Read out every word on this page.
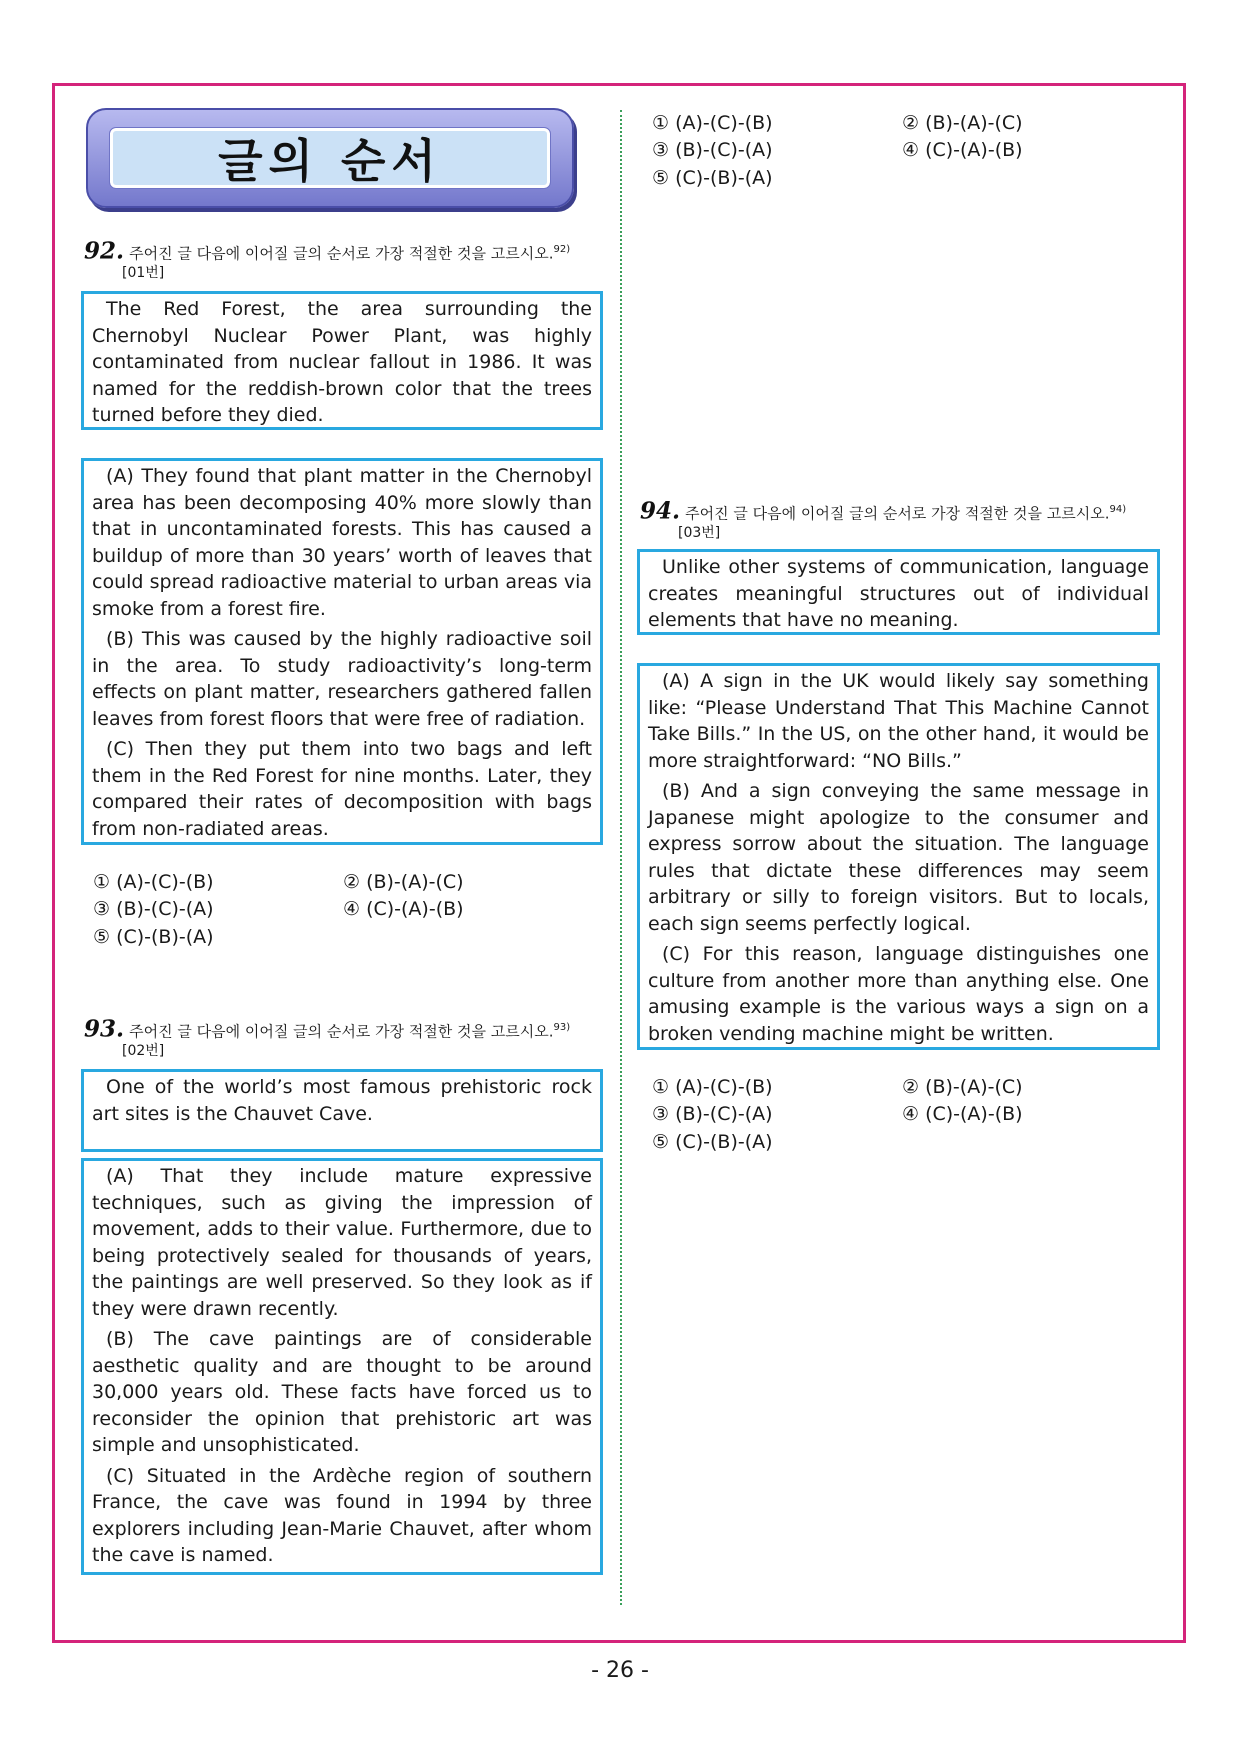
글의 순서
92. 주어진 글 다음에 이어질 글의 순서로 가장 적절한 것을 고르시오.$^{92)}$
[01번]

The Red Forest, the area surrounding the Chernobyl Nuclear Power Plant, was highly contaminated from nuclear fallout in 1986. It was named for the reddish-brown color that the trees turned before they died.

(A) They found that plant matter in the Chernobyl area has been decomposing 40% more slowly than that in uncontaminated forests. This has caused a buildup of more than 30 years’ worth of leaves that could spread radioactive material to urban areas via smoke from a forest fire.

(B) This was caused by the highly radioactive soil in the area. To study radioactivity’s long-term effects on plant matter, researchers gathered fallen leaves from forest floors that were free of radiation.

(C) Then they put them into two bags and left them in the Red Forest for nine months. Later, they compared their rates of decomposition with bags from non-radiated areas.

① (A)-(C)-(B)	② (B)-(A)-(C)
③ (B)-(C)-(A)	④ (C)-(A)-(B)
⑤ (C)-(B)-(A)
93. 주어진 글 다음에 이어질 글의 순서로 가장 적절한 것을 고르시오.$^{93)}$
[02번]

One of the world’s most famous prehistoric rock art sites is the Chauvet Cave.

(A) That they include mature expressive techniques, such as giving the impression of movement, adds to their value. Furthermore, due to being protectively sealed for thousands of years, the paintings are well preserved. So they look as if they were drawn recently.

(B) The cave paintings are of considerable aesthetic quality and are thought to be around 30,000 years old. These facts have forced us to reconsider the opinion that prehistoric art was simple and unsophisticated.

(C) Situated in the Ardèche region of southern France, the cave was found in 1994 by three explorers including Jean-Marie Chauvet, after whom the cave is named.

① (A)-(C)-(B)	② (B)-(A)-(C)
③ (B)-(C)-(A)	④ (C)-(A)-(B)
⑤ (C)-(B)-(A)
94. 주어진 글 다음에 이어질 글의 순서로 가장 적절한 것을 고르시오.$^{94)}$
[03번]

Unlike other systems of communication, language creates meaningful structures out of individual elements that have no meaning.

(A) A sign in the UK would likely say something like: “Please Understand That This Machine Cannot Take Bills.” In the US, on the other hand, it would be more straightforward: “NO Bills.”

(B) And a sign conveying the same message in Japanese might apologize to the consumer and express sorrow about the situation. The language rules that dictate these differences may seem arbitrary or silly to foreign visitors. But to locals, each sign seems perfectly logical.

(C) For this reason, language distinguishes one culture from another more than anything else. One amusing example is the various ways a sign on a broken vending machine might be written.

① (A)-(C)-(B)	② (B)-(A)-(C)
③ (B)-(C)-(A)	④ (C)-(A)-(B)
⑤ (C)-(B)-(A)
- 26 -
